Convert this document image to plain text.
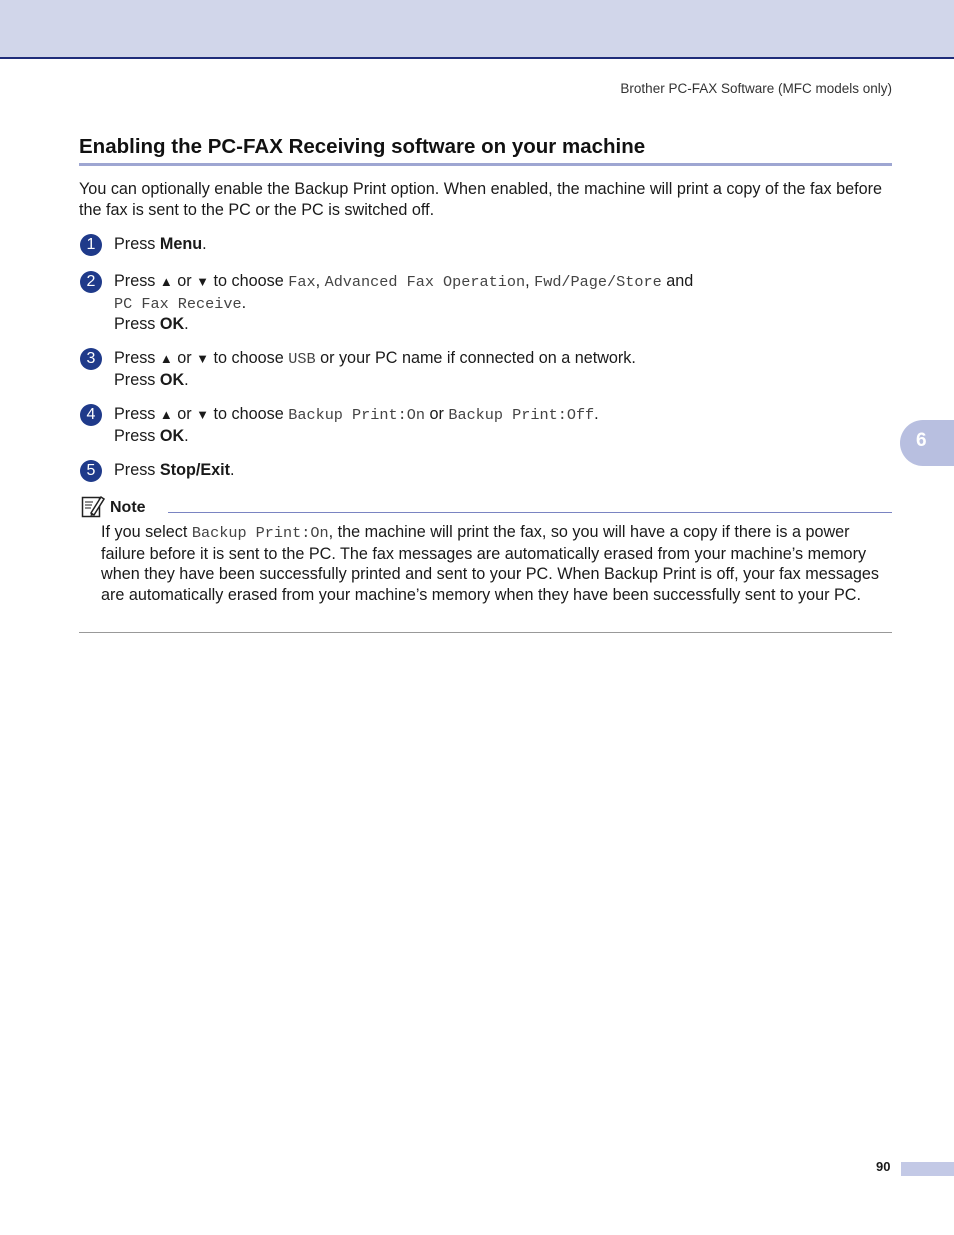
Brother PC-FAX Software (MFC models only)
Enabling the PC-FAX Receiving software on your machine

You can optionally enable the Backup Print option. When enabled, the machine will print a copy of the fax before the fax is sent to the PC or the PC is switched off.

1	Press Menu.
2	Press ▲ or ▼ to choose Fax, Advanced Fax Operation, Fwd/Page/Store and
PC Fax Receive.
Press OK.
3	Press ▲ or ▼ to choose USB or your PC name if connected on a network.
Press OK.
4	Press ▲ or ▼ to choose Backup Print:On or Backup Print:Off.
Press OK.
5	Press Stop/Exit.
Note

If you select Backup Print:On, the machine will print the fax, so you will have a copy if there is a power failure before it is sent to the PC. The fax messages are automatically erased from your machine’s memory when they have been successfully printed and sent to your PC. When Backup Print is off, your fax messages are automatically erased from your machine’s memory when they have been successfully sent to your PC.

6
90
